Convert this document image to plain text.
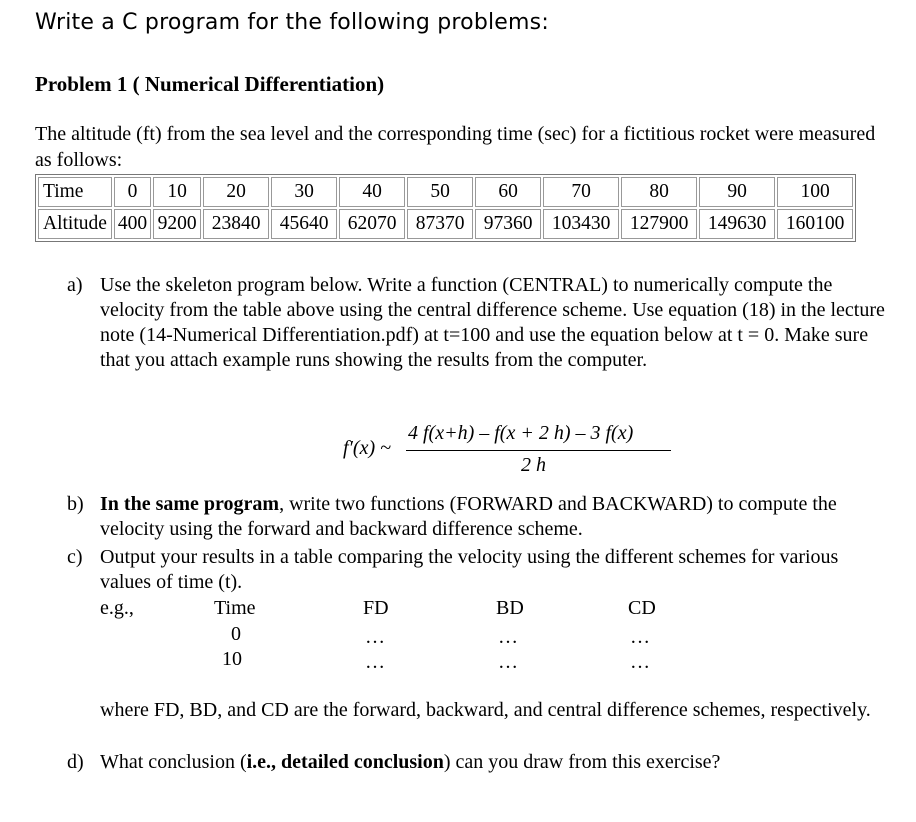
Write a C program for the following problems:
Problem 1 ( Numerical Differentiation)
The altitude (ft) from the sea level and the corresponding time (sec) for a fictitious rocket were measured as follows:
Time	0	10	20	30	40	50	60	70	80	90	100
Altitude	400	9200	23840	45640	62070	87370	97360	103430	127900	149630	160100
a) Use the skeleton program below. Write a function (CENTRAL) to numerically compute the velocity from the table above using the central difference scheme. Use equation (18) in the lecture note (14-Numerical Differentiation.pdf) at t=100 and use the equation below at t = 0. Make sure that you attach example runs showing the results from the computer.
f′(x) ~
4 f(x+h) – f(x + 2 h) – 3 f(x)
2 h
b) In the same program, write two functions (FORWARD and BACKWARD) to compute the velocity using the forward and backward difference scheme.
c) Output your results in a table comparing the velocity using the different schemes for various values of time (t).
e.g.,	Time	FD	BD	CD
0	…	…	…
10	…	…	…
where FD, BD, and CD are the forward, backward, and central difference schemes, respectively.
d) What conclusion (i.e., detailed conclusion) can you draw from this exercise?
